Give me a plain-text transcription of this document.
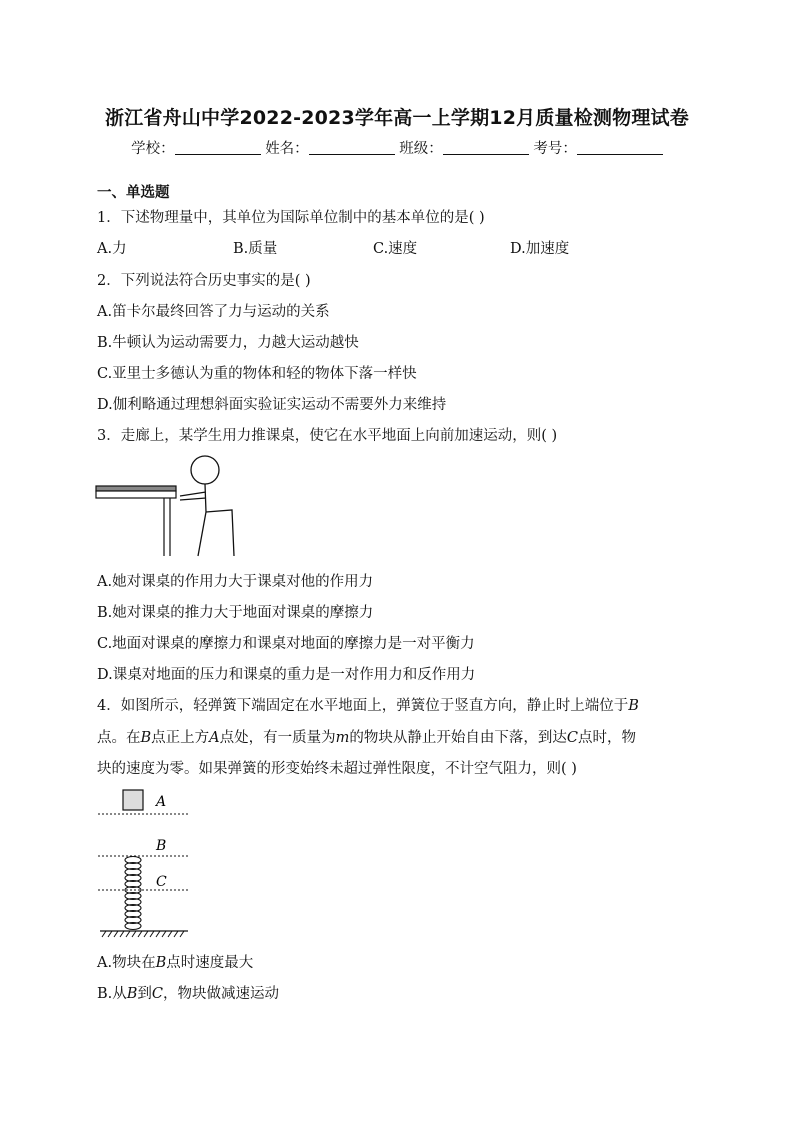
浙江省舟山中学2022-2023学年高一上学期12月质量检测物理试卷
学校：	姓名：	班级：	考号：
一、单选题
1．下述物理量中，其单位为国际单位制中的基本单位的是( )
A.力	B.质量	C.速度	D.加速度
2．下列说法符合历史事实的是( )
A.笛卡尔最终回答了力与运动的关系
B.牛顿认为运动需要力，力越大运动越快
C.亚里士多德认为重的物体和轻的物体下落一样快
D.伽利略通过理想斜面实验证实运动不需要外力来维持
3．走廊上，某学生用力推课桌，使它在水平地面上向前加速运动，则( )
A.她对课桌的作用力大于课桌对他的作用力
B.她对课桌的推力大于地面对课桌的摩擦力
C.地面对课桌的摩擦力和课桌对地面的摩擦力是一对平衡力
D.课桌对地面的压力和课桌的重力是一对作用力和反作用力
4．如图所示，轻弹簧下端固定在水平地面上，弹簧位于竖直方向，静止时上端位于B
点。在B点正上方A点处，有一质量为m的物块从静止开始自由下落，到达C点时，物
块的速度为零。如果弹簧的形变始终未超过弹性限度，不计空气阻力，则( )
A
B
C
A.物块在B点时速度最大
B.从B到C，物块做减速运动
